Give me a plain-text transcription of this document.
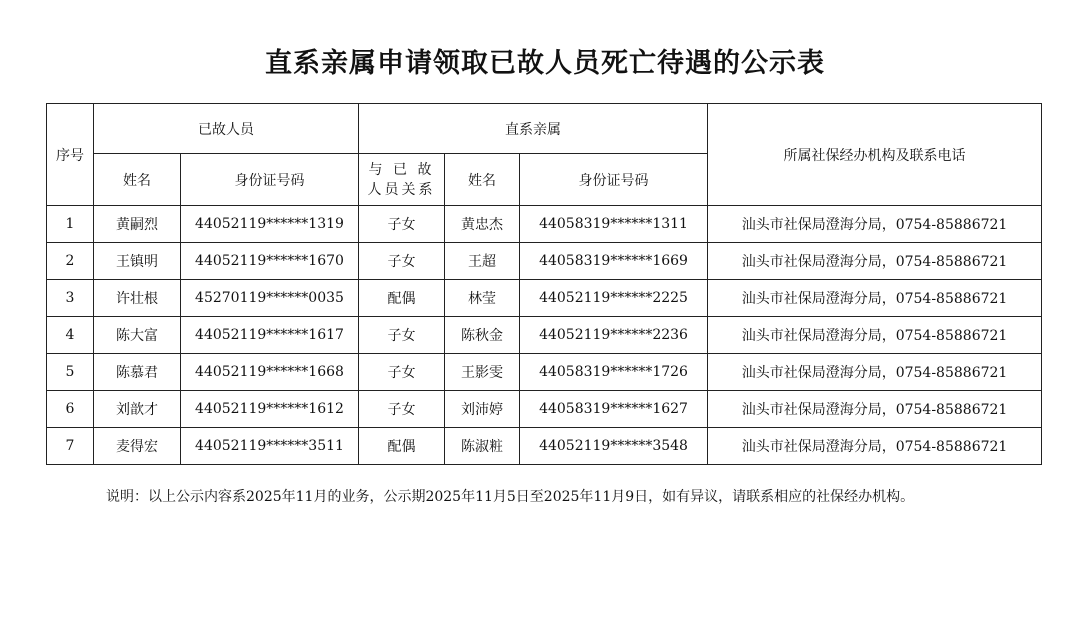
直系亲属申请领取已故人员死亡待遇的公示表
序号	已故人员		直系亲属			所属社保经办机构及联系电话
	姓名	身份证号码	与 已 故
人员关系	姓名	身份证号码	
1	黄嗣烈	44052119******1319	子女	黄忠杰	44058319******1311	汕头市社保局澄海分局，0754-85886721
2	王镇明	44052119******1670	子女	王超	44058319******1669	汕头市社保局澄海分局，0754-85886721
3	许壮根	45270119******0035	配偶	林莹	44052119******2225	汕头市社保局澄海分局，0754-85886721
4	陈大富	44052119******1617	子女	陈秋金	44052119******2236	汕头市社保局澄海分局，0754-85886721
5	陈慕君	44052119******1668	子女	王影雯	44058319******1726	汕头市社保局澄海分局，0754-85886721
6	刘歆才	44052119******1612	子女	刘沛婷	44058319******1627	汕头市社保局澄海分局，0754-85886721
7	麦得宏	44052119******3511	配偶	陈淑粧	44052119******3548	汕头市社保局澄海分局，0754-85886721
说明：以上公示内容系2025年11月的业务，公示期2025年11月5日至2025年11月9日，如有异议，请联系相应的社保经办机构。
